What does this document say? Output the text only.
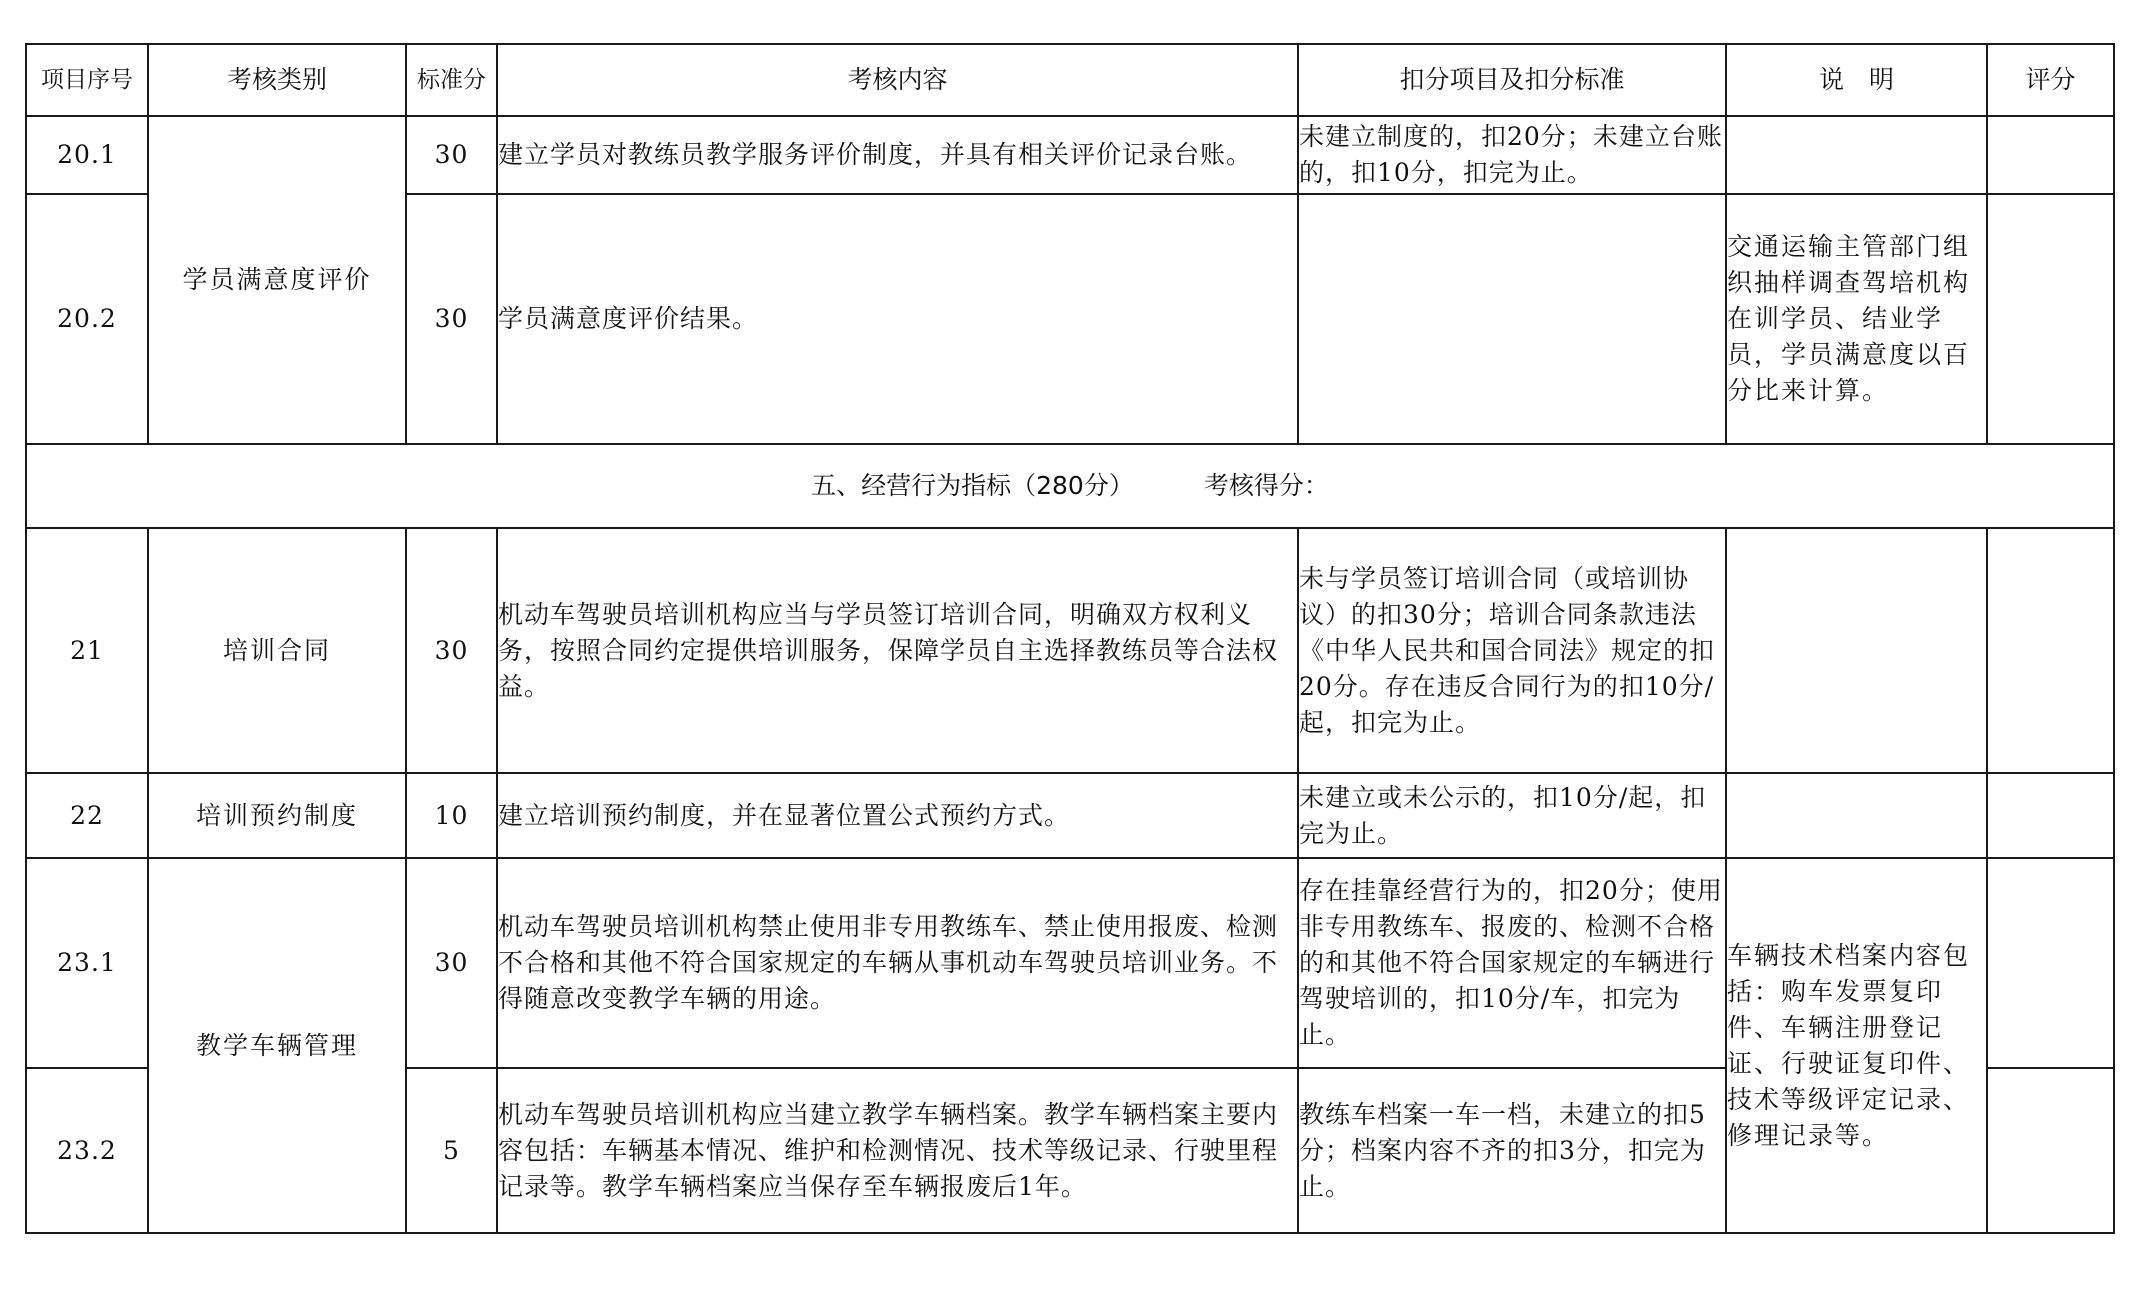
项目序号	考核类别	标准分	考核内容	扣分项目及扣分标准	说　明	评分
20.1	学员满意度评价	30	建立学员对教练员教学服务评价制度，并具有相关评价记录台账。	未建立制度的，扣20分；未建立台账的，扣10分，扣完为止。		
20.2		30	学员满意度评价结果。		交通运输主管部门组织抽样调查驾培机构在训学员、结业学员，学员满意度以百分比来计算。	
五、经营行为指标（280分） 考核得分：						
21	培训合同	30	机动车驾驶员培训机构应当与学员签订培训合同，明确双方权利义务，按照合同约定提供培训服务，保障学员自主选择教练员等合法权益。	未与学员签订培训合同（或培训协议）的扣30分；培训合同条款违法《中华人民共和国合同法》规定的扣20分。存在违反合同行为的扣10分/起，扣完为止。		
22	培训预约制度	10	建立培训预约制度，并在显著位置公式预约方式。	未建立或未公示的，扣10分/起，扣完为止。		
23.1	教学车辆管理	30	机动车驾驶员培训机构禁止使用非专用教练车、禁止使用报废、检测不合格和其他不符合国家规定的车辆从事机动车驾驶员培训业务。不得随意改变教学车辆的用途。	存在挂靠经营行为的，扣20分；使用非专用教练车、报废的、检测不合格的和其他不符合国家规定的车辆进行驾驶培训的，扣10分/车，扣完为止。	车辆技术档案内容包括：购车发票复印件、车辆注册登记证、行驶证复印件、技术等级评定记录、修理记录等。	
23.2		5	机动车驾驶员培训机构应当建立教学车辆档案。教学车辆档案主要内容包括：车辆基本情况、维护和检测情况、技术等级记录、行驶里程记录等。教学车辆档案应当保存至车辆报废后1年。	教练车档案一车一档，未建立的扣5分；档案内容不齐的扣3分，扣完为止。		
